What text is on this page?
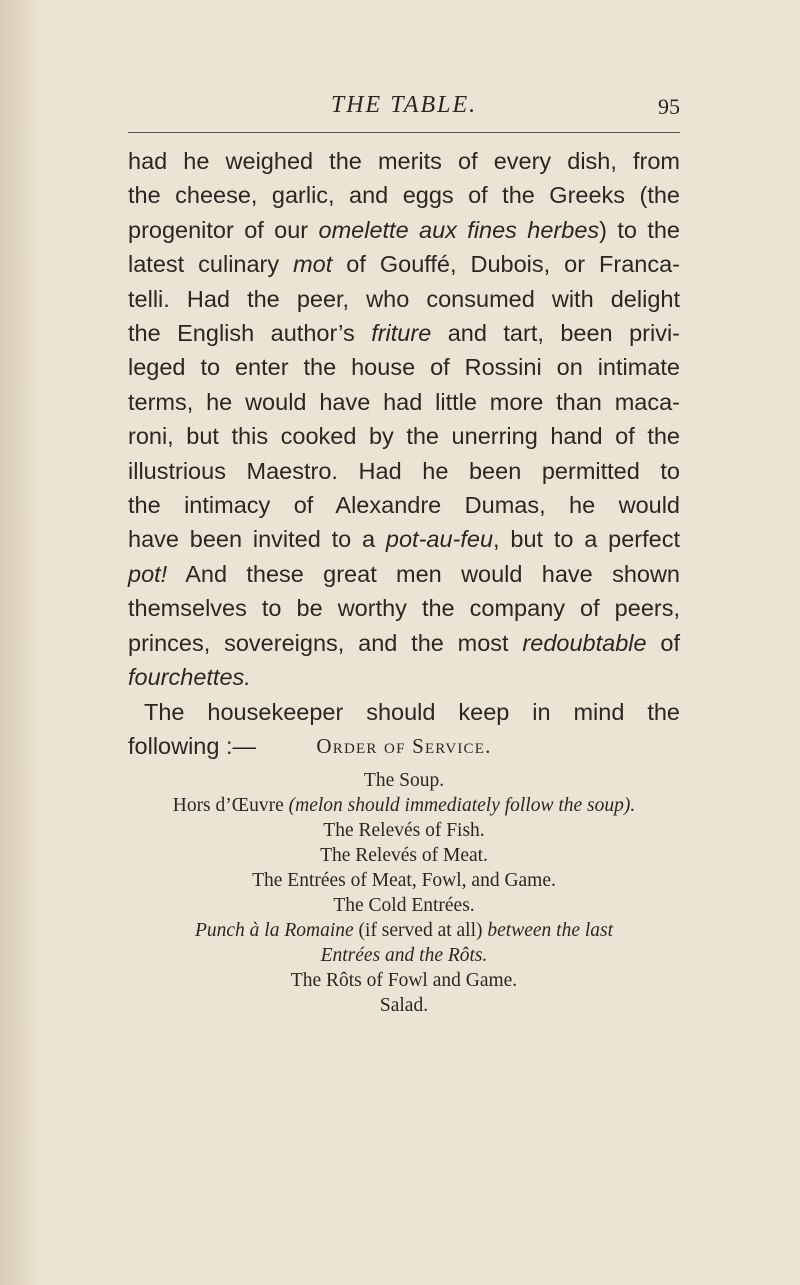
THE TABLE.	95

had he weighed the merits of every dish, from
the cheese, garlic, and eggs of the Greeks (the
progenitor of our omelette aux fines herbes) to the
latest culinary mot of Gouffé, Dubois, or Franca-
telli. Had the peer, who consumed with delight
the English author’s friture and tart, been privi-
leged to enter the house of Rossini on intimate
terms, he would have had little more than maca-
roni, but this cooked by the unerring hand of the
illustrious Maestro. Had he been permitted to
the intimacy of Alexandre Dumas, he would
have been invited to a pot-au-feu, but to a perfect
pot! And these great men would have shown
themselves to be worthy the company of peers,
princes, sovereigns, and the most redoubtable of
fourchettes.

The housekeeper should keep in mind the
following :—	Order of Service.
The Soup.
Hors d’Œuvre (melon should immediately follow the soup).
The Relevés of Fish.
The Relevés of Meat.
The Entrées of Meat, Fowl, and Game.
The Cold Entrées.
Punch à la Romaine (if served at all) between the last
Entrées and the Rôts.
The Rôts of Fowl and Game.
Salad.
